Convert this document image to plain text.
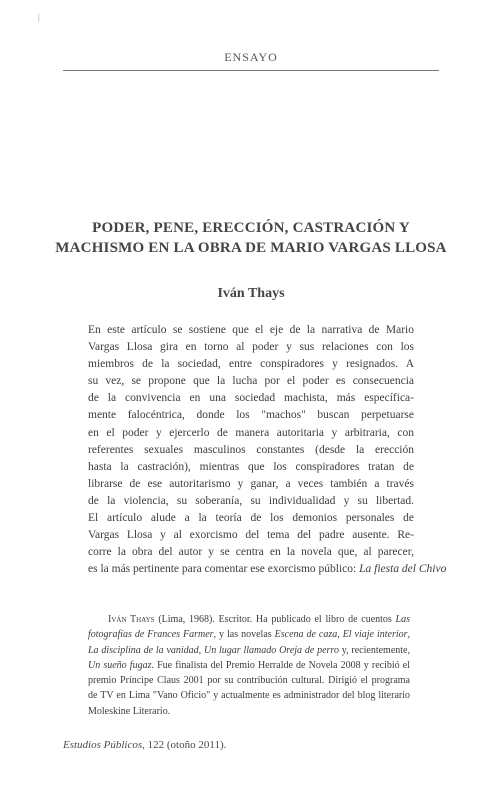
|
ENSAYO
PODER, PENE, ERECCIÓN, CASTRACIÓN Y
MACHISMO EN LA OBRA DE MARIO VARGAS LLOSA
Iván Thays
En este artículo se sostiene que el eje de la narrativa de Mario
Vargas Llosa gira en torno al poder y sus relaciones con los
miembros de la sociedad, entre conspiradores y resignados. A
su vez, se propone que la lucha por el poder es consecuencia
de la convivencia en una sociedad machista, más específica-
mente falocéntrica, donde los "machos" buscan perpetuarse
en el poder y ejercerlo de manera autoritaria y arbitraria, con
referentes sexuales masculinos constantes (desde la erección
hasta la castración), mientras que los conspiradores tratan de
librarse de ese autoritarismo y ganar, a veces también a través
de la violencia, su soberanía, su individualidad y su libertad.
El artículo alude a la teoría de los demonios personales de
Vargas Llosa y al exorcismo del tema del padre ausente. Re-
corre la obra del autor y se centra en la novela que, al parecer,
es la más pertinente para comentar ese exorcismo público: La fiesta del Chivo
Iván Thays (Lima, 1968). Escritor. Ha publicado el libro de cuentos Las
fotografías de Frances Farmer, y las novelas Escena de caza, El viaje interior,
La disciplina de la vanidad, Un lugar llamado Oreja de perro y, recientemente,
Un sueño fugaz. Fue finalista del Premio Herralde de Novela 2008 y recibió el
premio Príncipe Claus 2001 por su contribución cultural. Dirigió el programa
de TV en Lima "Vano Oficio" y actualmente es administrador del blog literario
Moleskine Literario.
Estudios Públicos, 122 (otoño 2011).
